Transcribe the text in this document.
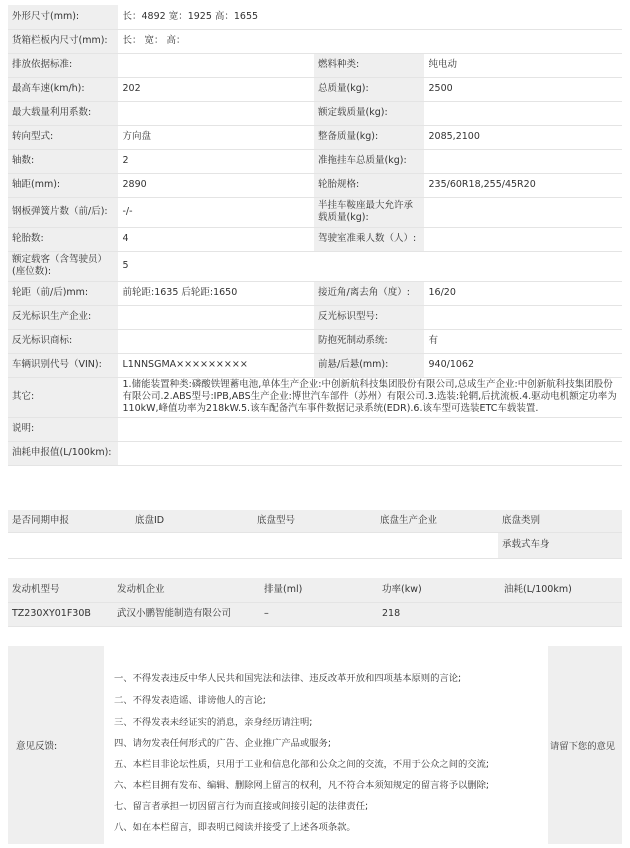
外形尺寸(mm):	长：4892 宽：1925 高：1655		
货箱栏板内尺寸(mm):	长： 宽： 高：		
排放依据标准:		燃料种类:	纯电动
最高车速(km/h):	202	总质量(kg):	2500
最大载量利用系数:		额定载质量(kg):	
转向型式:	方向盘	整备质量(kg):	2085,2100
轴数:	2	准拖挂车总质量(kg):	
轴距(mm):	2890	轮胎规格:	235/60R18,255/45R20
钢板弹簧片数（前/后):	-/-	半挂车鞍座最大允许承载质量(kg):	
轮胎数:	4	驾驶室准乘人数（人）:	
额定载客（含驾驶员）(座位数):	5		
轮距（前/后)mm:	前轮距:1635 后轮距:1650	接近角/离去角（度）:	16/20
反光标识生产企业:		反光标识型号:	
反光标识商标:		防抱死制动系统:	有
车辆识别代号（VIN):	L1NNSGMA×××××××××	前悬/后悬(mm):	940/1062
其它:	1.储能装置种类:磷酸铁锂蓄电池,单体生产企业:中创新航科技集团股份有限公司,总成生产企业:中创新航科技集团股份有限公司.2.ABS型号:IPB,ABS生产企业:博世汽车部件（苏州）有限公司.3.选装:轮辋,后扰流板.4.驱动电机额定功率为110kW,峰值功率为218kW.5.该车配备汽车事件数据记录系统(EDR).6.该车型可选装ETC车载装置.		
说明:			
油耗申报值(L/100km):			
是否同期申报	底盘ID	底盘型号	底盘生产企业	底盘类别
				承载式车身
发动机型号	发动机企业	排量(ml)	功率(kw)	油耗(L/100km)
TZ230XY01F30B	武汉小鹏智能制造有限公司	–	218	
意见反馈:
一、不得发表违反中华人民共和国宪法和法律、违反改革开放和四项基本原则的言论;
二、不得发表造谣、诽谤他人的言论;
三、不得发表未经证实的消息，亲身经历请注明;
四、请勿发表任何形式的广告、企业推广产品或服务;
五、本栏目非论坛性质，只用于工业和信息化部和公众之间的交流，不用于公众之间的交流;
六、本栏目拥有发布、编辑、删除网上留言的权利，凡不符合本须知规定的留言将予以删除;
七、留言者承担一切因留言行为而直接或间接引起的法律责任;
八、如在本栏留言，即表明已阅读并接受了上述各项条款。
请留下您的意见
